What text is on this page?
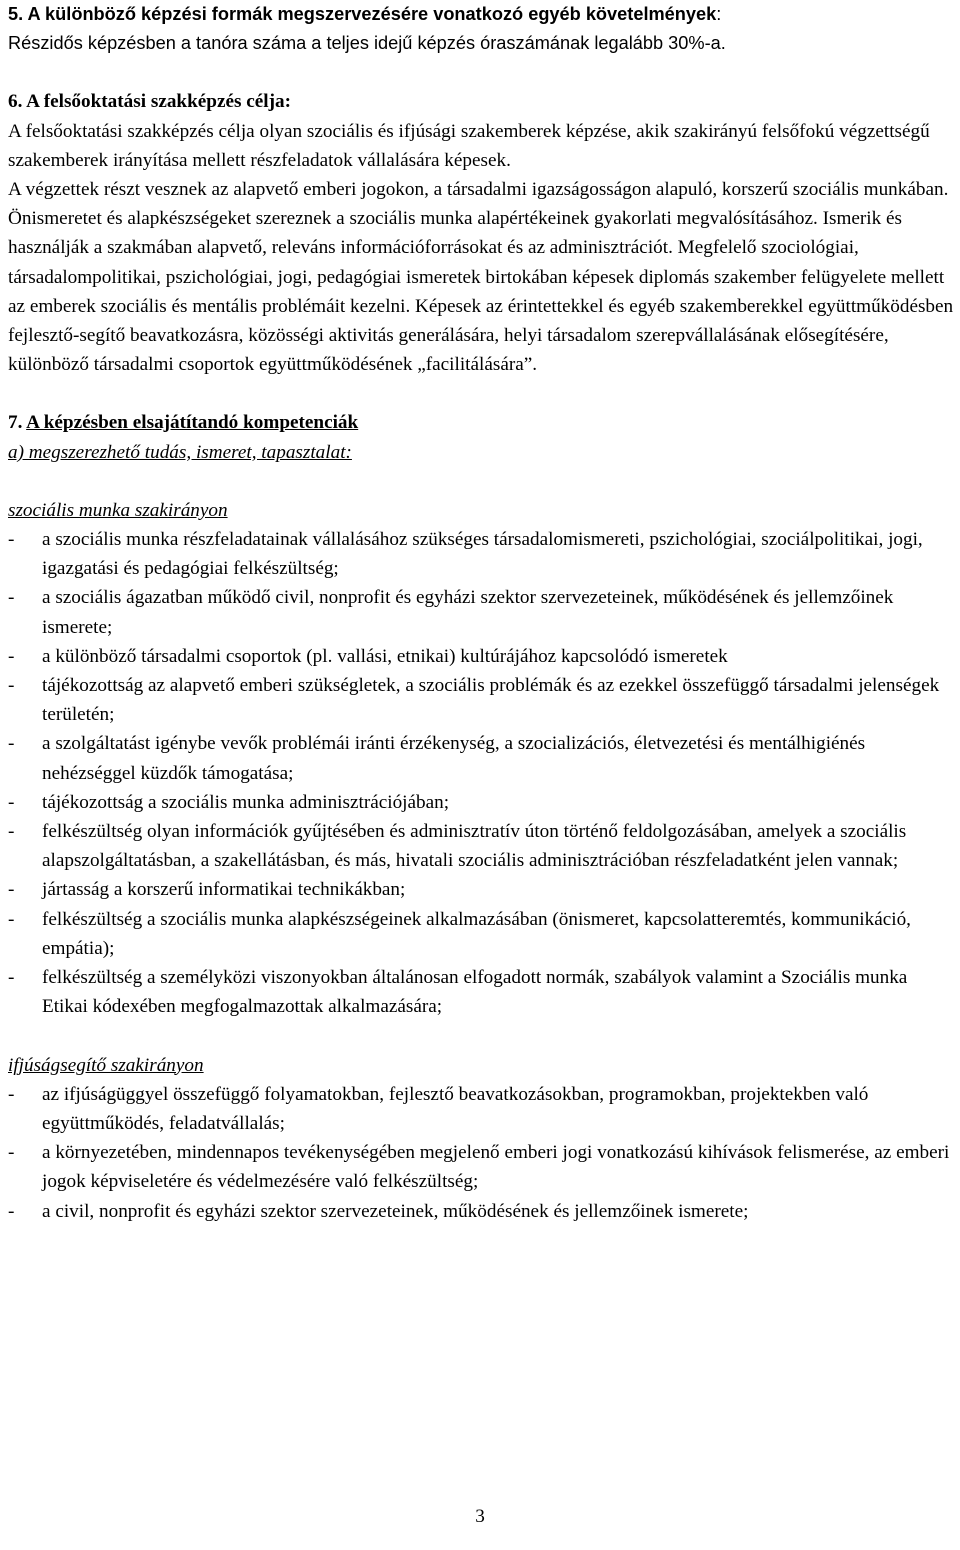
5. A különböző képzési formák megszervezésére vonatkozó egyéb követelmények:
Részidős képzésben a tanóra száma a teljes idejű képzés óraszámának legalább 30%-a.
6. A felsőoktatási szakképzés célja:
A felsőoktatási szakképzés célja olyan szociális és ifjúsági szakemberek képzése, akik szakirányú felsőfokú végzettségű szakemberek irányítása mellett részfeladatok vállalására képesek.
A végzettek részt vesznek az alapvető emberi jogokon, a társadalmi igazságosságon alapuló, korszerű szociális munkában. Önismeretet és alapkészségeket szereznek a szociális munka alapértékeinek gyakorlati megvalósításához. Ismerik és használják a szakmában alapvető, releváns információforrásokat és az adminisztrációt. Megfelelő szociológiai, társadalompolitikai, pszichológiai, jogi, pedagógiai ismeretek birtokában képesek diplomás szakember felügyelete mellett az emberek szociális és mentális problémáit kezelni. Képesek az érintettekkel és egyéb szakemberekkel együttműködésben fejlesztő-segítő beavatkozásra, közösségi aktivitás generálására, helyi társadalom szerepvállalásának elősegítésére, különböző társadalmi csoportok együttműködésének „facilitálására”.
7. A képzésben elsajátítandó kompetenciák
a) megszerezhető tudás, ismeret, tapasztalat:
szociális munka szakirányon
- a szociális munka részfeladatainak vállalásához szükséges társadalomismereti, pszichológiai, szociálpolitikai, jogi, igazgatási és pedagógiai felkészültség;
- a szociális ágazatban működő civil, nonprofit és egyházi szektor szervezeteinek, működésének és jellemzőinek ismerete;
- a különböző társadalmi csoportok (pl. vallási, etnikai) kultúrájához kapcsolódó ismeretek
- tájékozottság az alapvető emberi szükségletek, a szociális problémák és az ezekkel összefüggő társadalmi jelenségek területén;
- a szolgáltatást igénybe vevők problémái iránti érzékenység, a szocializációs, életvezetési és mentálhigiénés nehézséggel küzdők támogatása;
- tájékozottság a szociális munka adminisztrációjában;
- felkészültség olyan információk gyűjtésében és adminisztratív úton történő feldolgozásában, amelyek a szociális alapszolgáltatásban, a szakellátásban, és más, hivatali szociális adminisztrációban részfeladatként jelen vannak;
- jártasság a korszerű informatikai technikákban;
- felkészültség a szociális munka alapkészségeinek alkalmazásában (önismeret, kapcsolatteremtés, kommunikáció, empátia);
- felkészültség a személyközi viszonyokban általánosan elfogadott normák, szabályok valamint a Szociális munka Etikai kódexében megfogalmazottak alkalmazására;
ifjúságsegítő szakirányon
- az ifjúságüggyel összefüggő folyamatokban, fejlesztő beavatkozásokban, programokban, projektekben való együttműködés, feladatvállalás;
- a környezetében, mindennapos tevékenységében megjelenő emberi jogi vonatkozású kihívások felismerése, az emberi jogok képviseletére és védelmezésére való felkészültség;
- a civil, nonprofit és egyházi szektor szervezeteinek, működésének és jellemzőinek ismerete;
3
